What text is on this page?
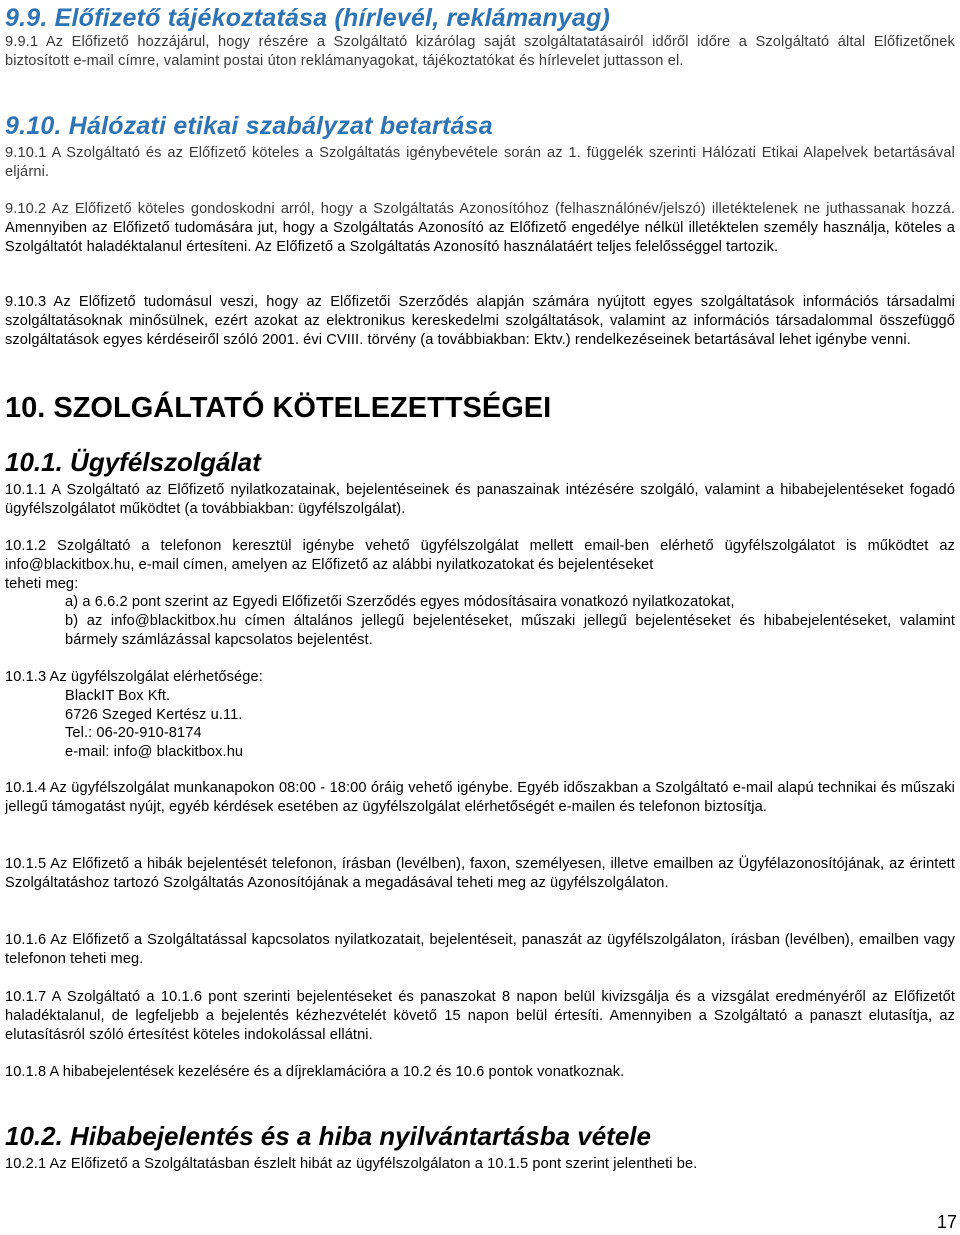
9.9. Előfizető tájékoztatása (hírlevél, reklámanyag)

9.9.1 Az Előfizető hozzájárul, hogy részére a Szolgáltató kizárólag saját szolgáltatatásairól időről időre a Szolgáltató által Előfizetőnek biztosított e-mail címre, valamint postai úton reklámanyagokat, tájékoztatókat és hírlevelet juttasson el.

9.10. Hálózati etikai szabályzat betartása

9.10.1 A Szolgáltató és az Előfizető köteles a Szolgáltatás igénybevétele során az 1. függelék szerinti Hálózati Etikai Alapelvek betartásával eljárni.

9.10.2 Az Előfizető köteles gondoskodni arról, hogy a Szolgáltatás Azonosítóhoz (felhasználónév/jelszó) illetéktelenek ne juthassanak hozzá. Amennyiben az Előfizető tudomására jut, hogy a Szolgáltatás Azonosító az Előfizető engedélye nélkül illetéktelen személy használja, köteles a Szolgáltatót haladéktalanul értesíteni. Az Előfizető a Szolgáltatás Azonosító használatáért teljes felelősséggel tartozik.

9.10.3 Az Előfizető tudomásul veszi, hogy az Előfizetői Szerződés alapján számára nyújtott egyes szolgáltatások információs társadalmi szolgáltatásoknak minősülnek, ezért azokat az elektronikus kereskedelmi szolgáltatások, valamint az információs társadalommal összefüggő szolgáltatások egyes kérdéseiről szóló 2001. évi CVIII. törvény (a továbbiakban: Ektv.) rendelkezéseinek betartásával lehet igénybe venni.

10. SZOLGÁLTATÓ KÖTELEZETTSÉGEI
10.1. Ügyfélszolgálat

10.1.1 A Szolgáltató az Előfizető nyilatkozatainak, bejelentéseinek és panaszainak intézésére szolgáló, valamint a hibabejelentéseket fogadó ügyfélszolgálatot működtet (a továbbiakban: ügyfélszolgálat).

10.1.2 Szolgáltató a telefonon keresztül igénybe vehető ügyfélszolgálat mellett email-ben elérhető ügyfélszolgálatot is működtet az info@blackitbox.hu, e-mail címen, amelyen az Előfizető az alábbi nyilatkozatokat és bejelentéseket
teheti meg:

a) a 6.6.2 pont szerint az Egyedi Előfizetői Szerződés egyes módosításaira vonatkozó nyilatkozatokat,

b) az info@blackitbox.hu címen általános jellegű bejelentéseket, műszaki jellegű bejelentéseket és hibabejelentéseket, valamint bármely számlázással kapcsolatos bejelentést.

10.1.3 Az ügyfélszolgálat elérhetősége:

BlackIT Box Kft.

6726 Szeged Kertész u.11.

Tel.: 06-20-910-8174

e-mail: info@ blackitbox.hu

10.1.4 Az ügyfélszolgálat munkanapokon 08:00 - 18:00 óráig vehető igénybe. Egyéb időszakban a Szolgáltató e-mail alapú technikai és műszaki jellegű támogatást nyújt, egyéb kérdések esetében az ügyfélszolgálat elérhetőségét e-mailen és telefonon biztosítja.

10.1.5 Az Előfizető a hibák bejelentését telefonon, írásban (levélben), faxon, személyesen, illetve emailben az Ügyfélazonosítójának, az érintett Szolgáltatáshoz tartozó Szolgáltatás Azonosítójának a megadásával teheti meg az ügyfélszolgálaton.

10.1.6 Az Előfizető a Szolgáltatással kapcsolatos nyilatkozatait, bejelentéseit, panaszát az ügyfélszolgálaton, írásban (levélben), emailben vagy telefonon teheti meg.

10.1.7 A Szolgáltató a 10.1.6 pont szerinti bejelentéseket és panaszokat 8 napon belül kivizsgálja és a vizsgálat eredményéről az Előfizetőt haladéktalanul, de legfeljebb a bejelentés kézhezvételét követő 15 napon belül értesíti. Amennyiben a Szolgáltató a panaszt elutasítja, az elutasításról szóló értesítést köteles indokolással ellátni.

10.1.8 A hibabejelentések kezelésére és a díjreklamációra a 10.2 és 10.6 pontok vonatkoznak.

10.2. Hibabejelentés és a hiba nyilvántartásba vétele

10.2.1 Az Előfizető a Szolgáltatásban észlelt hibát az ügyfélszolgálaton a 10.1.5 pont szerint jelentheti be.

17
